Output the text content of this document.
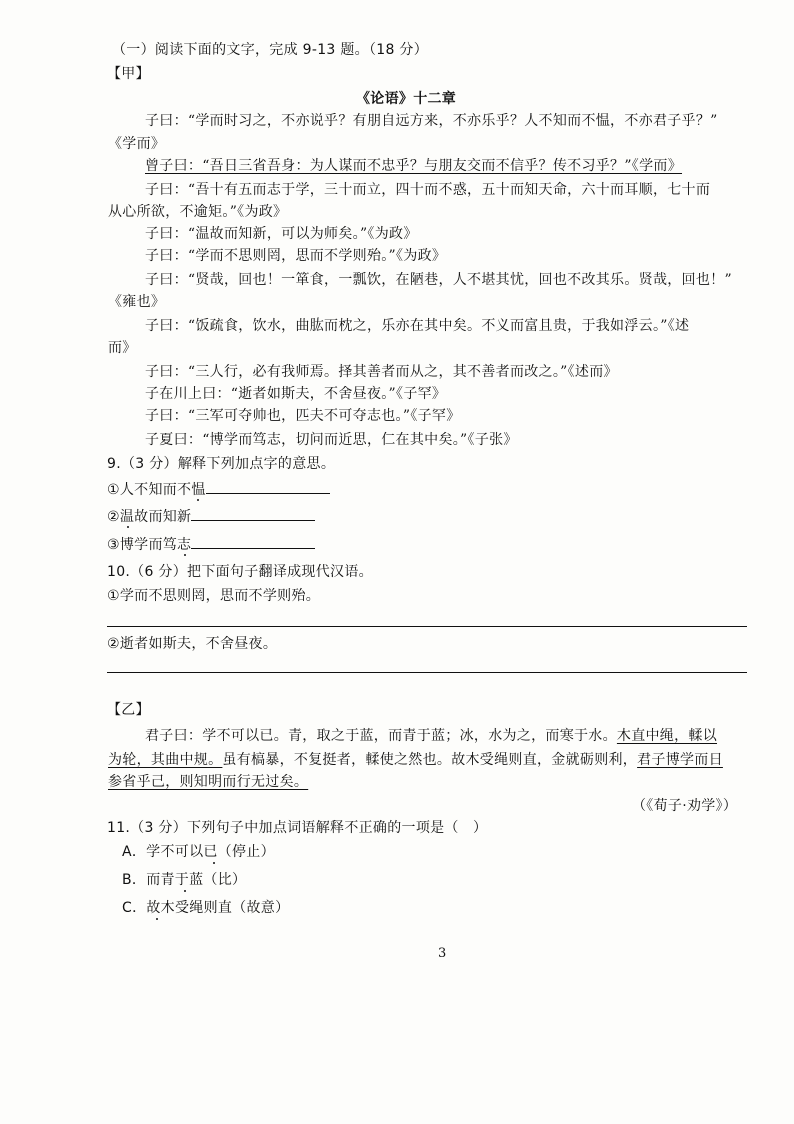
（一）阅读下面的文字，完成 9-13 题。（18 分）
【甲】
《论语》十二章
子曰：“学而时习之，不亦说乎？有朋自远方来，不亦乐乎？人不知而不愠，不亦君子乎？”
《学而》
曾子曰：“吾日三省吾身：为人谋而不忠乎？与朋友交而不信乎？传不习乎？”《学而》
子曰：“吾十有五而志于学，三十而立，四十而不惑，五十而知天命，六十而耳顺，七十而
从心所欲，不逾矩。”《为政》
子曰：“温故而知新，可以为师矣。”《为政》
子曰：“学而不思则罔，思而不学则殆。”《为政》
子曰：“贤哉，回也！一箪食，一瓢饮，在陋巷，人不堪其忧，回也不改其乐。贤哉，回也！”
《雍也》
子曰：“饭疏食，饮水，曲肱而枕之，乐亦在其中矣。不义而富且贵，于我如浮云。”《述
而》
子曰：“三人行，必有我师焉。择其善者而从之，其不善者而改之。”《述而》
子在川上曰：“逝者如斯夫，不舍昼夜。”《子罕》
子曰：“三军可夺帅也，匹夫不可夺志也。”《子罕》
子夏曰：“博学而笃志，切问而近思，仁在其中矣。”《子张》
9.（3 分）解释下列加点字的意思。
①人不知而不愠
②温故而知新
③博学而笃志
10.（6 分）把下面句子翻译成现代汉语。
①学而不思则罔，思而不学则殆。
②逝者如斯夫，不舍昼夜。
【乙】
君子曰：学不可以已。青，取之于蓝，而青于蓝；冰，水为之，而寒于水。木直中绳，輮以
为轮，其曲中规。虽有槁暴，不复挺者，輮使之然也。故木受绳则直，金就砺则利，君子博学而日
参省乎己，则知明而行无过矣。
（《荀子·劝学》）
11.（3 分）下列句子中加点词语解释不正确的一项是（　）
A．学不可以已（停止）
B．而青于蓝（比）
C．故木受绳则直（故意）
3
